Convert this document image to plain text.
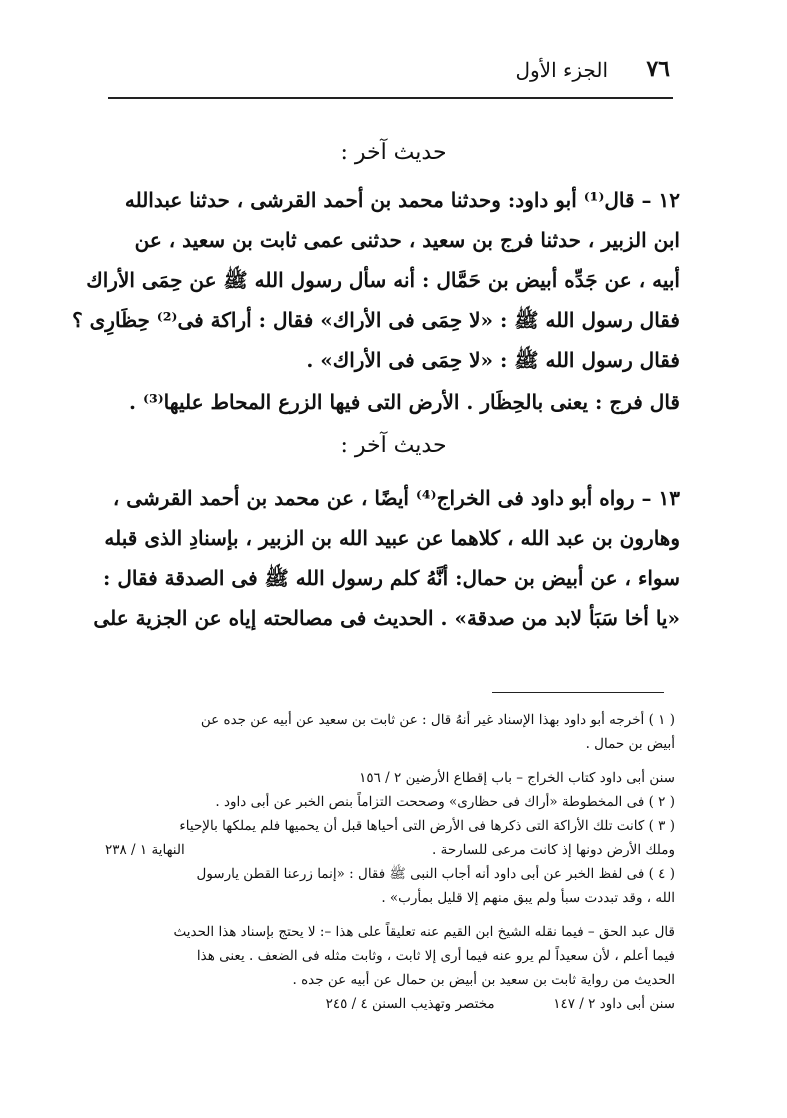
٧٦
الجزء الأول
حديث آخر :
١٢ – قال⁽¹⁾ أبو داود: وحدثنا محمد بن أحمد القرشى ، حدثنا عبدالله
ابن الزبير ، حدثنا فرج بن سعيد ، حدثنى عمى ثابت بن سعيد ، عن
أبيه ، عن جَدِّه أبيض بن حَمَّال : أنه سأل رسول الله ﷺ عن حِمَى الأراك
فقال رسول الله ﷺ : «لا حِمَى فى الأراك» فقال : أراكة فى⁽²⁾ حِظَارِى ؟
فقال رسول الله ﷺ : «لا حِمَى فى الأراك» .
قال فرج : يعنى بالحِظَار . الأرض التى فيها الزرع المحاط عليها⁽³⁾ .
حديث آخر :
١٣ – رواه أبو داود فى الخراج⁽⁴⁾ أيضًا ، عن محمد بن أحمد القرشى ،
وهارون بن عبد الله ، كلاهما عن عبيد الله بن الزبير ، بإسنادِ الذى قبله
سواء ، عن أبيض بن حمال: أنَّهُ كلم رسول الله ﷺ فى الصدقة فقال :
«يا أخا سَبَأ لابد من صدقة» . الحديث فى مصالحته إياه عن الجزية على
( ١ ) أخرجه أبو داود بهذا الإسناد غير أنهُ قال : عن ثابت بن سعيد عن أبيه عن جده عن
أبيض بن حمال .
سنن أبى داود كتاب الخراج – باب إقطاع الأرضين ٢ / ١٥٦
( ٢ ) فى المخطوطة «أراك فى حظارى» وصححت التزاماً بنص الخبر عن أبى داود .
( ٣ ) كانت تلك الأراكة التى ذكرها فى الأرض التى أحياها قبل أن يحميها فلم يملكها بالإحياء
وملك الأرض دونها إذ كانت مرعى للسارحة .
النهاية ١ / ٢٣٨
( ٤ ) فى لفظ الخبر عن أبى داود أنه أجاب النبى ﷺ فقال : «إنما زرعنا القطن يارسول
الله ، وقد تبددت سبأ ولم يبق منهم إلا قليل بمأرب» .
قال عبد الحق – فيما نقله الشيخ ابن القيم عنه تعليقاً على هذا –: لا يحتج بإسناد هذا الحديث
فيما أعلم ، لأن سعيداً لم يرو عنه فيما أرى إلا ثابت ، وثابت مثله فى الضعف . يعنى هذا
الحديث من رواية ثابت بن سعيد بن أبيض بن حمال عن أبيه عن جده .
سنن أبى داود ٢ / ١٤٧  مختصر وتهذيب السنن ٤ / ٢٤٥
